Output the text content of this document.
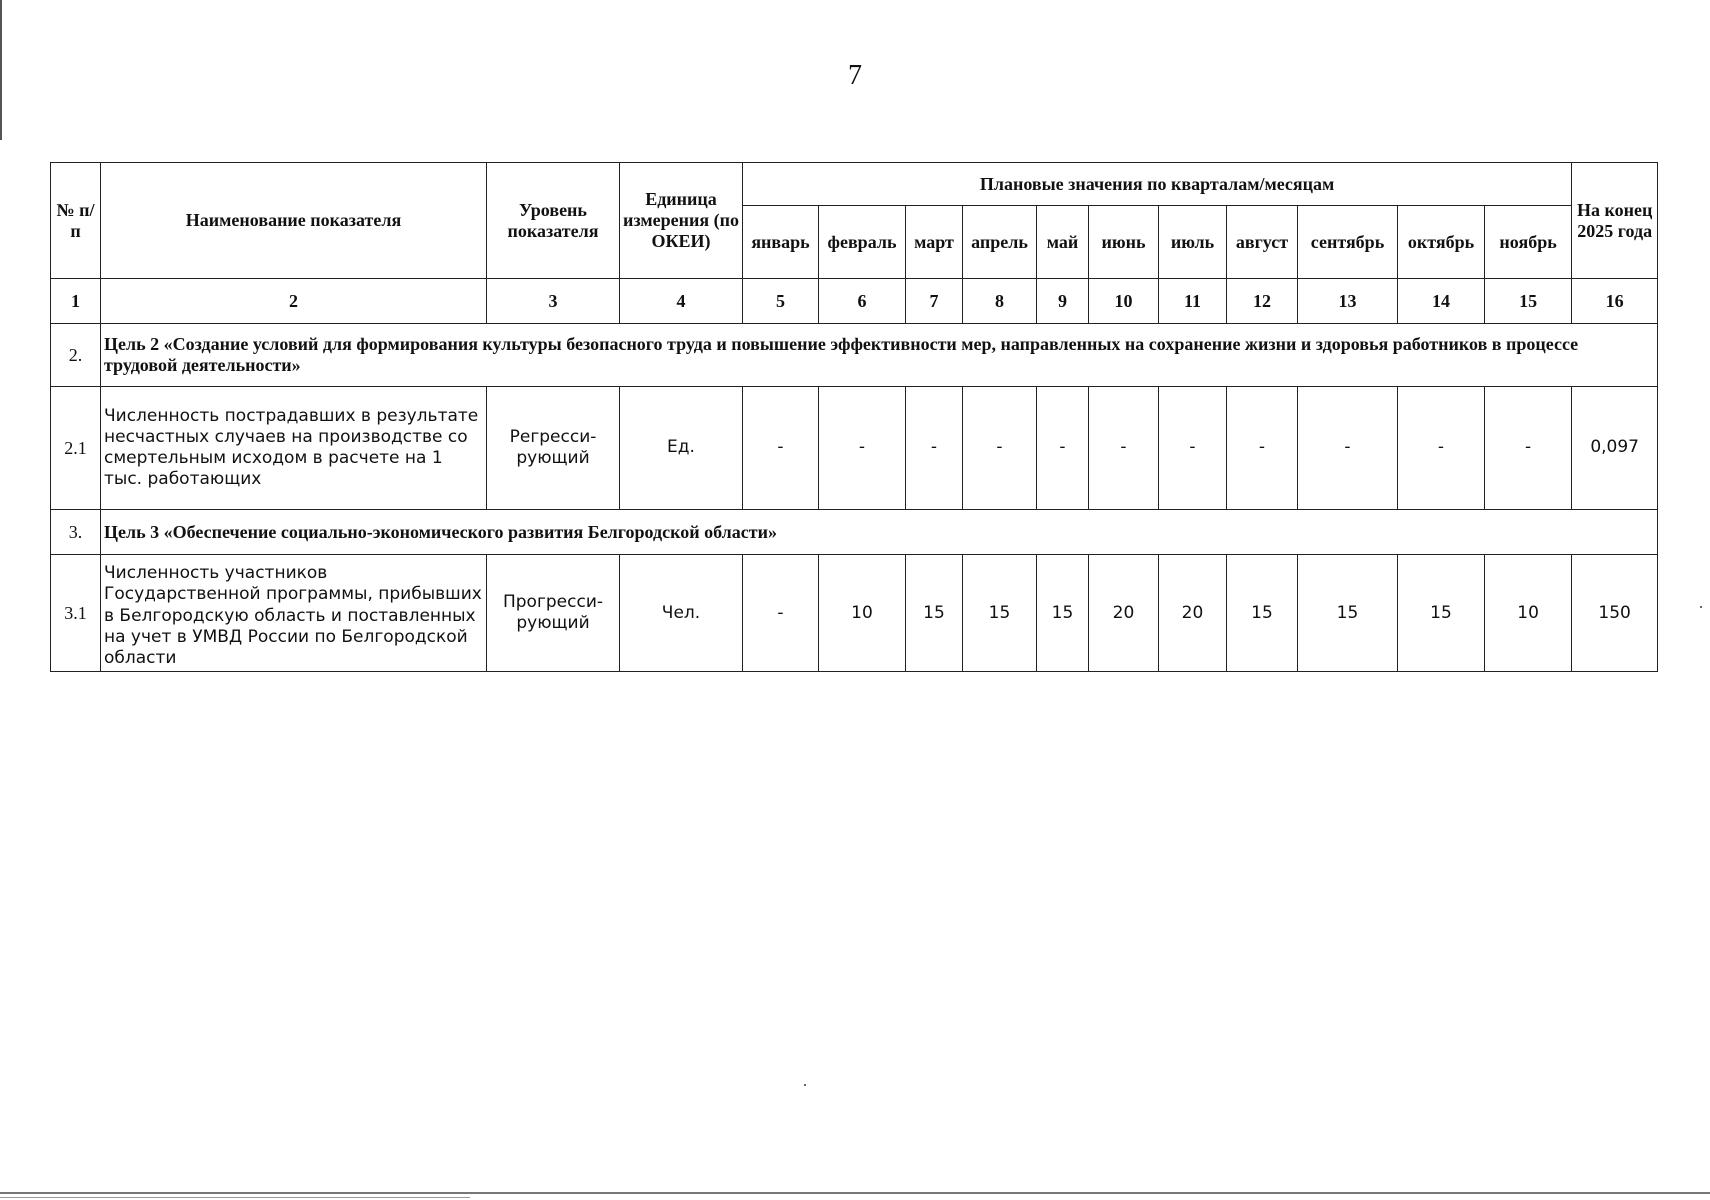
7
№ п/п	Наименование показателя	Уровень показателя	Единица измерения (по ОКЕИ)	Плановые значения по кварталам/месяцам											На конец 2025 года
				январь	февраль	март	апрель	май	июнь	июль	август	сентябрь	октябрь	ноябрь	
1	2	3	4	5	6	7	8	9	10	11	12	13	14	15	16
2.	Цель 2 «Создание условий для формирования культуры безопасного труда и повышение эффективности мер, направленных на сохранение жизни и здоровья работников в процессе трудовой деятельности»														
2.1	Численность пострадавших в результате несчастных случаев на производстве со смертельным исходом в расчете на 1 тыс. работающих	Регресси-рующий	Ед.	-	-	-	-	-	-	-	-	-	-	-	0,097
3.	Цель 3 «Обеспечение социально-экономического развития Белгородской области»														
3.1	Численность участников Государственной программы, прибывших в Белгородскую область и поставленных на учет в УМВД России по Белгородской области	Прогресси-рующий	Чел.	-	10	15	15	15	20	20	15	15	15	10	150
